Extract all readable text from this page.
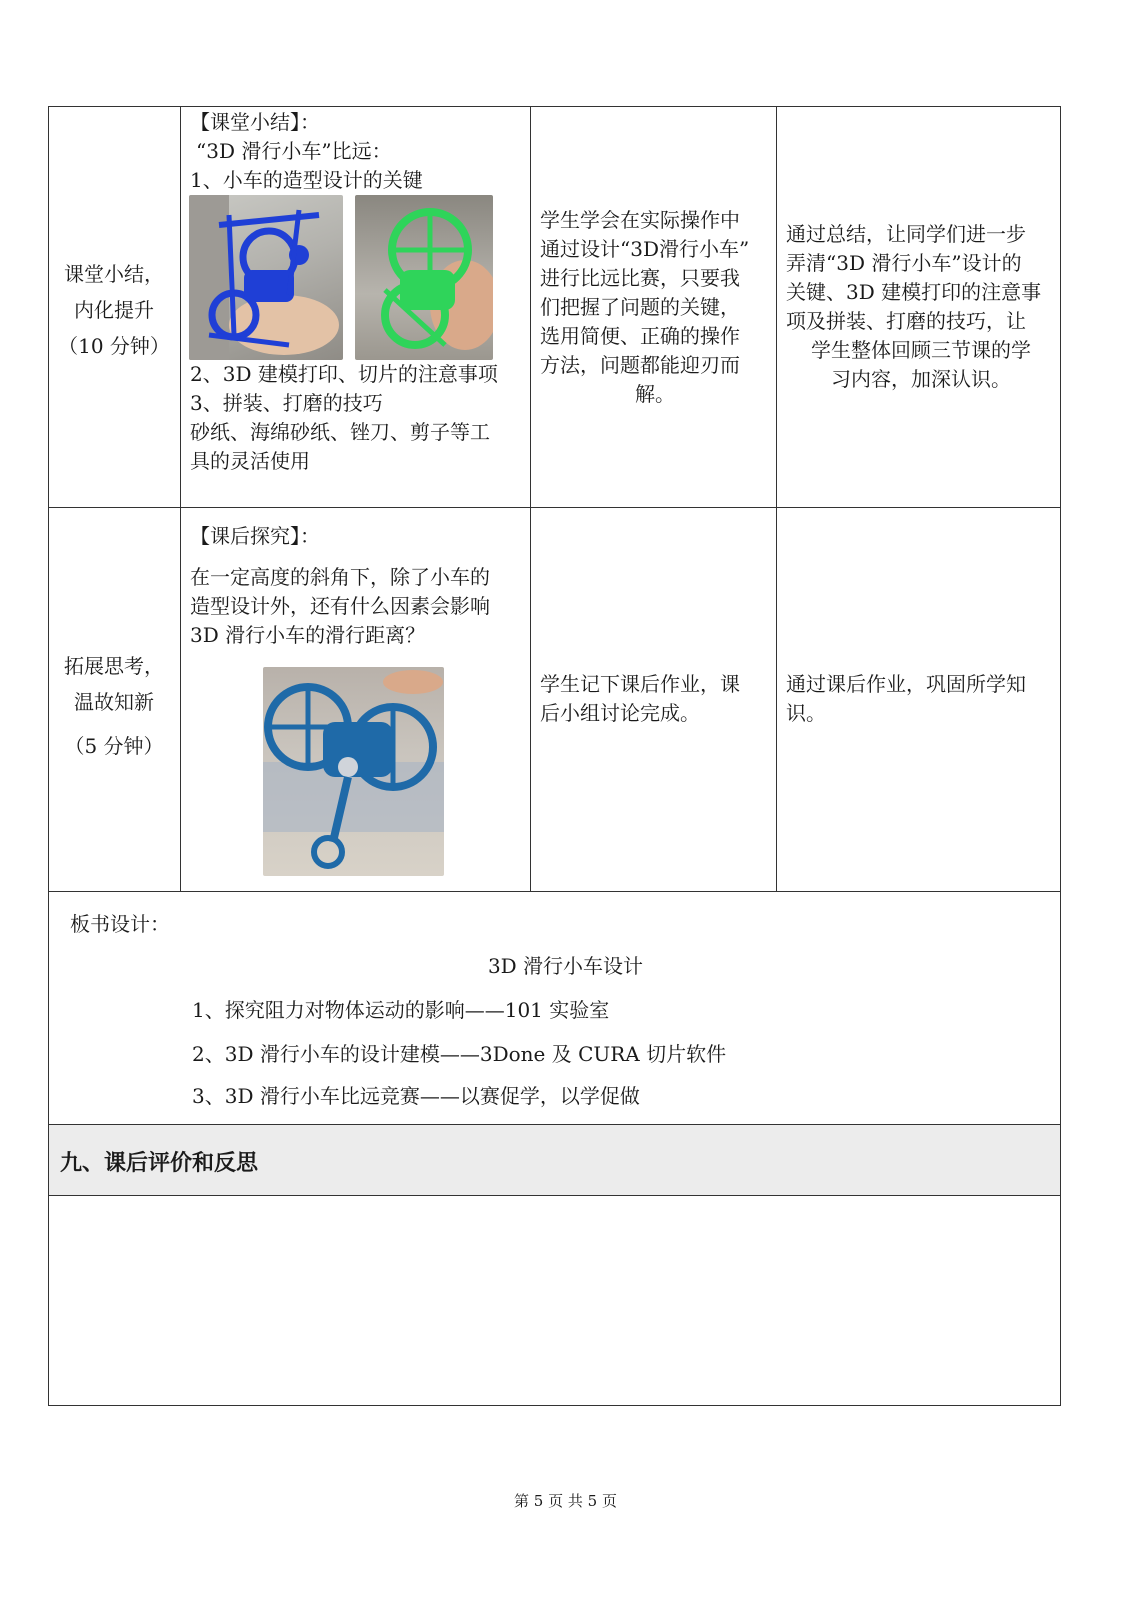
课堂小结，
内化提升
（10 分钟）
【课堂小结】：
“3D 滑行小车”比远：
1、小车的造型设计的关键
2、3D 建模打印、切片的注意事项
3、拼装、打磨的技巧
砂纸、海绵砂纸、锉刀、剪子等工
具的灵活使用
学生学会在实际操作中
通过设计“3D滑行小车”
进行比远比赛，只要我
们把握了问题的关键，
选用简便、正确的操作
方法，问题都能迎刃而
解。
通过总结，让同学们进一步
弄清“3D 滑行小车”设计的
关键、3D 建模打印的注意事
项及拼装、打磨的技巧，让
学生整体回顾三节课的学
习内容，加深认识。
拓展思考，
温故知新
（5 分钟）
【课后探究】：
在一定高度的斜角下，除了小车的
造型设计外，还有什么因素会影响
3D 滑行小车的滑行距离？
学生记下课后作业，课
后小组讨论完成。
通过课后作业，巩固所学知
识。
板书设计：
3D 滑行小车设计
1、探究阻力对物体运动的影响——101 实验室
2、3D 滑行小车的设计建模——3Done 及 CURA 切片软件
3、3D 滑行小车比远竞赛——以赛促学，以学促做
九、课后评价和反思
第 5 页 共 5 页
